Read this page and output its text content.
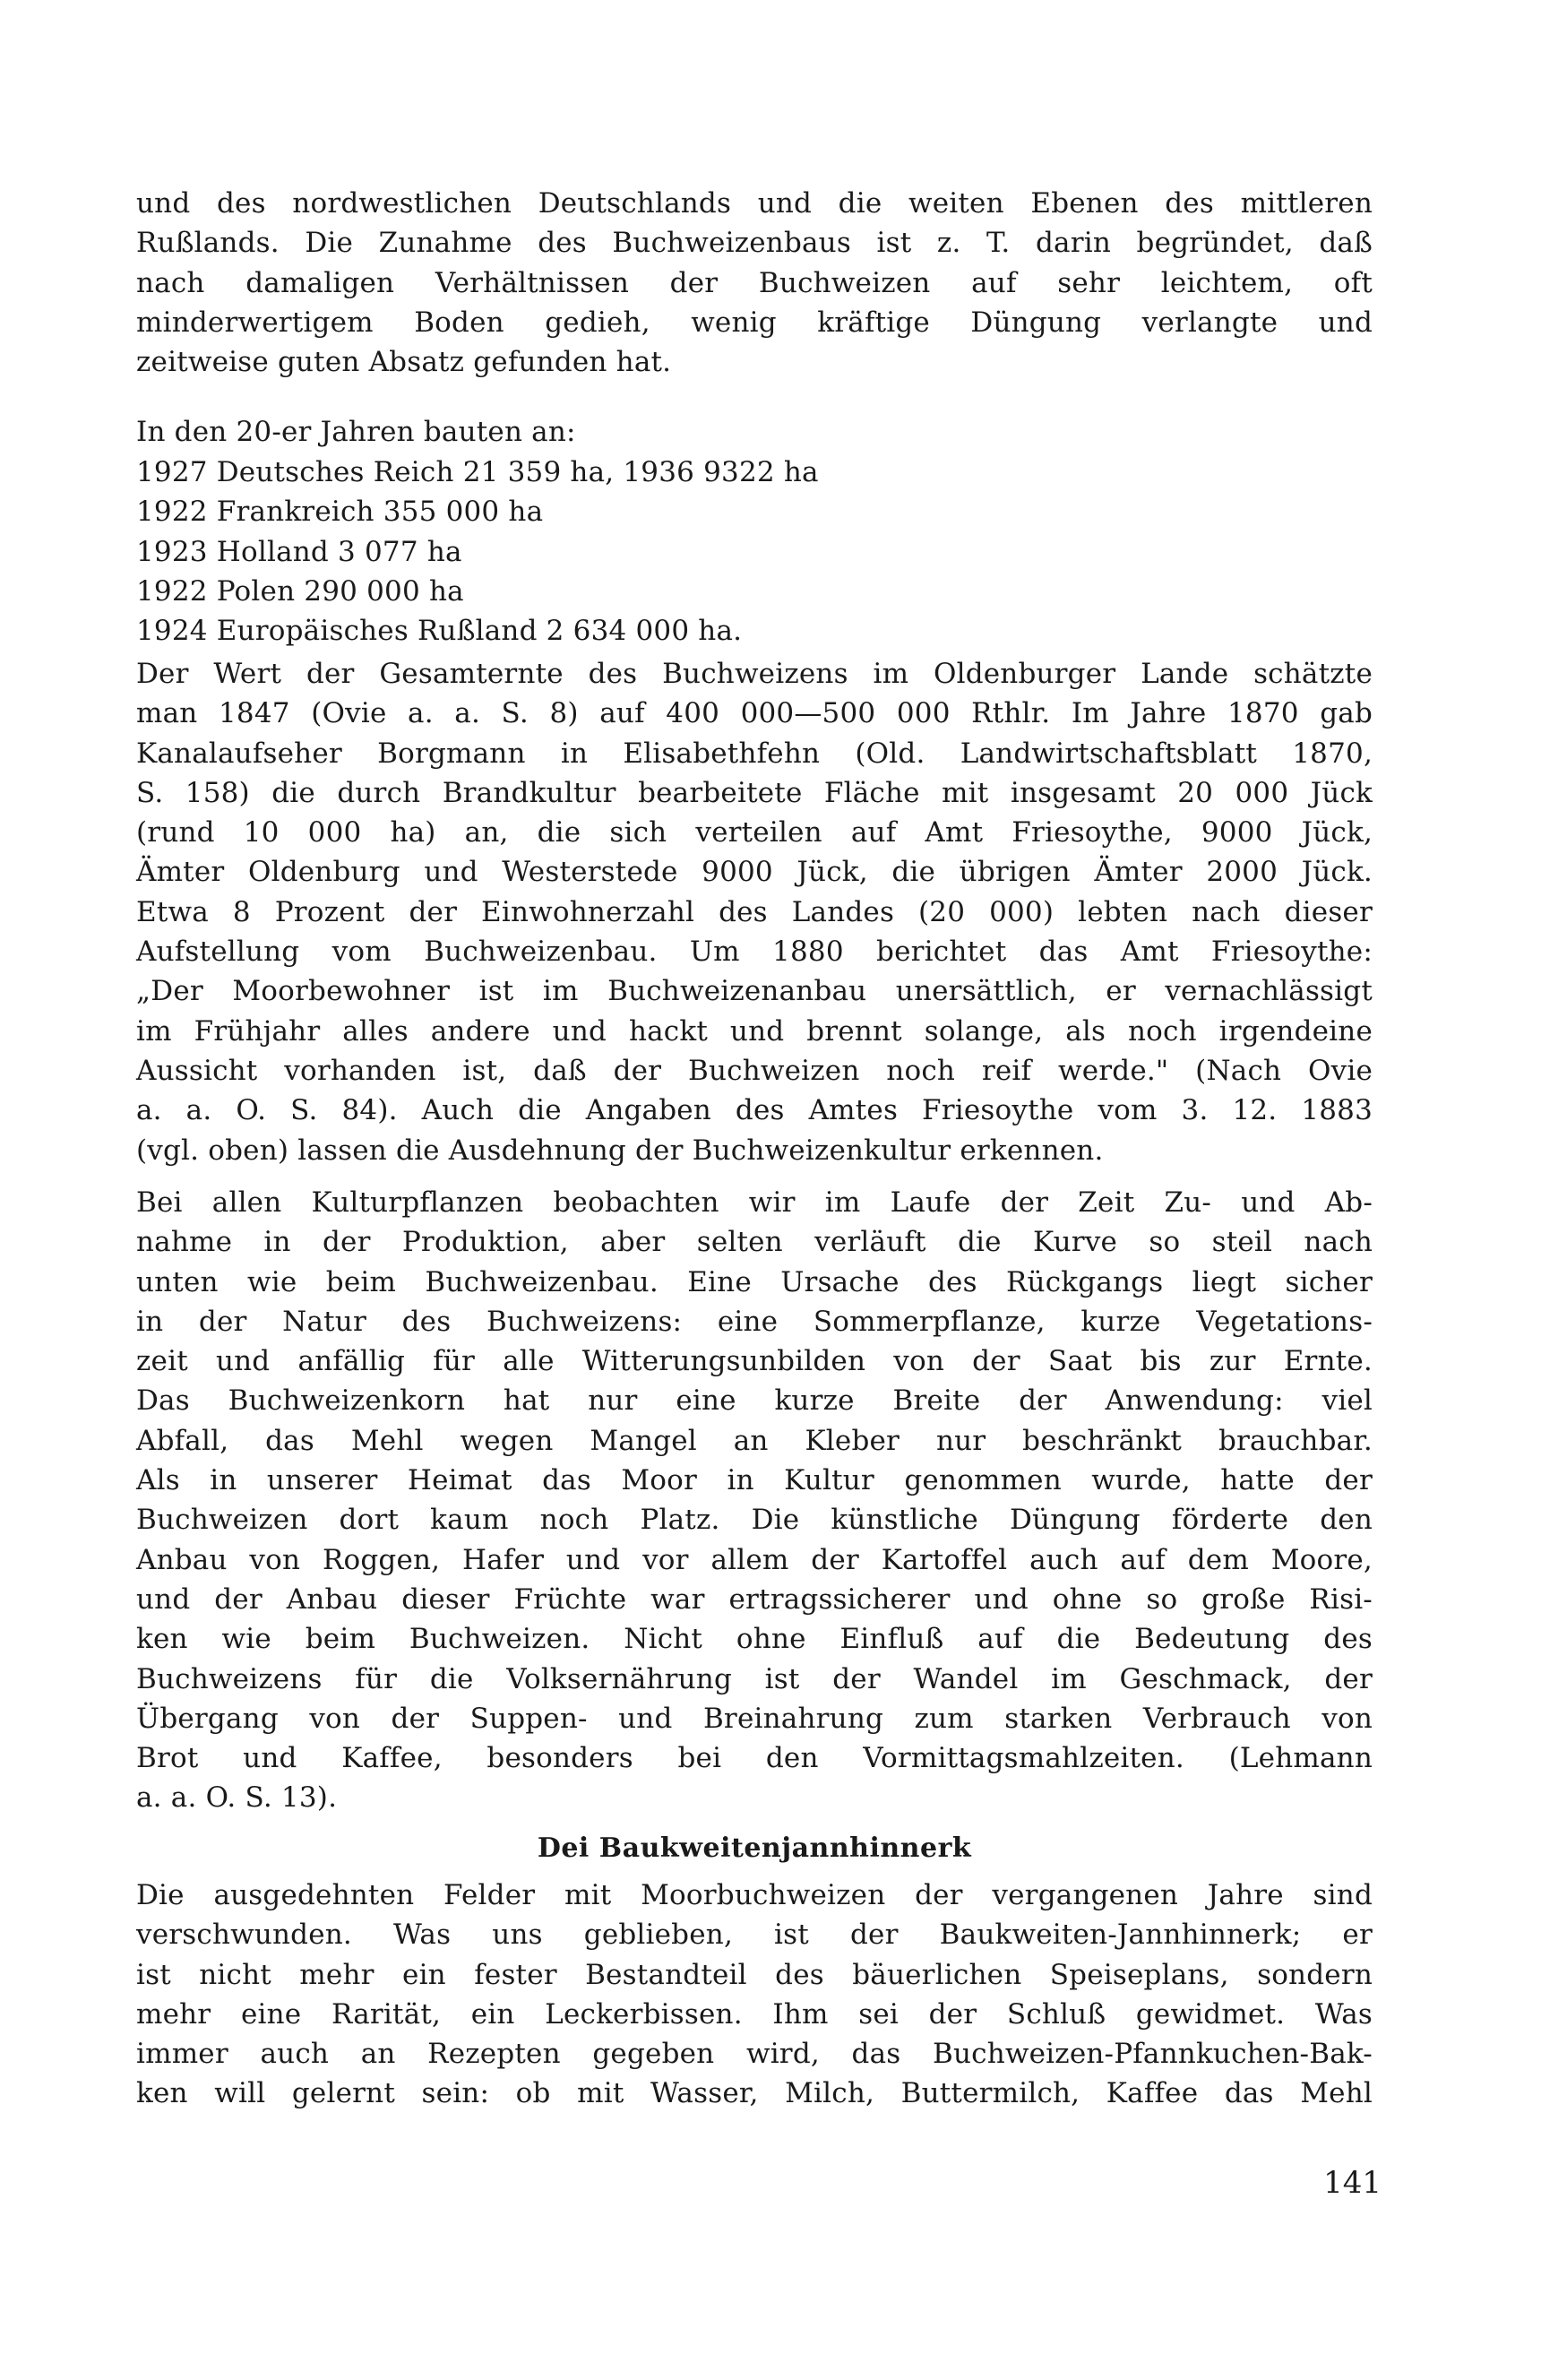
und des nordwestlichen Deutschlands und die weiten Ebenen des mittleren
Rußlands. Die Zunahme des Buchweizenbaus ist z. T. darin begründet, daß
nach damaligen Verhältnissen der Buchweizen auf sehr leichtem, oft
minderwertigem Boden gedieh, wenig kräftige Düngung verlangte und
zeitweise guten Absatz gefunden hat.
In den 20-er Jahren bauten an:
1927 Deutsches Reich 21 359 ha, 1936 9322 ha
1922 Frankreich 355 000 ha
1923 Holland 3 077 ha
1922 Polen 290 000 ha
1924 Europäisches Rußland 2 634 000 ha.
Der Wert der Gesamternte des Buchweizens im Oldenburger Lande schätzte
man 1847 (Ovie a. a. S. 8) auf 400 000—500 000 Rthlr. Im Jahre 1870 gab
Kanalaufseher Borgmann in Elisabethfehn (Old. Landwirtschaftsblatt 1870,
S. 158) die durch Brandkultur bearbeitete Fläche mit insgesamt 20 000 Jück
(rund 10 000 ha) an, die sich verteilen auf Amt Friesoythe, 9000 Jück,
Ämter Oldenburg und Westerstede 9000 Jück, die übrigen Ämter 2000 Jück.
Etwa 8 Prozent der Einwohnerzahl des Landes (20 000) lebten nach dieser
Aufstellung vom Buchweizenbau. Um 1880 berichtet das Amt Friesoythe:
„Der Moorbewohner ist im Buchweizenanbau unersättlich, er vernachlässigt
im Frühjahr alles andere und hackt und brennt solange, als noch irgendeine
Aussicht vorhanden ist, daß der Buchweizen noch reif werde." (Nach Ovie
a. a. O. S. 84). Auch die Angaben des Amtes Friesoythe vom 3. 12. 1883
(vgl. oben) lassen die Ausdehnung der Buchweizenkultur erkennen.
Bei allen Kulturpflanzen beobachten wir im Laufe der Zeit Zu- und Ab-
nahme in der Produktion, aber selten verläuft die Kurve so steil nach
unten wie beim Buchweizenbau. Eine Ursache des Rückgangs liegt sicher
in der Natur des Buchweizens: eine Sommerpflanze, kurze Vegetations-
zeit und anfällig für alle Witterungsunbilden von der Saat bis zur Ernte.
Das Buchweizenkorn hat nur eine kurze Breite der Anwendung: viel
Abfall, das Mehl wegen Mangel an Kleber nur beschränkt brauchbar.
Als in unserer Heimat das Moor in Kultur genommen wurde, hatte der
Buchweizen dort kaum noch Platz. Die künstliche Düngung förderte den
Anbau von Roggen, Hafer und vor allem der Kartoffel auch auf dem Moore,
und der Anbau dieser Früchte war ertragssicherer und ohne so große Risi-
ken wie beim Buchweizen. Nicht ohne Einfluß auf die Bedeutung des
Buchweizens für die Volksernährung ist der Wandel im Geschmack, der
Übergang von der Suppen- und Breinahrung zum starken Verbrauch von
Brot und Kaffee, besonders bei den Vormittagsmahlzeiten. (Lehmann
a. a. O. S. 13).
Dei Baukweitenjannhinnerk
Die ausgedehnten Felder mit Moorbuchweizen der vergangenen Jahre sind
verschwunden. Was uns geblieben, ist der Baukweiten-Jannhinnerk; er
ist nicht mehr ein fester Bestandteil des bäuerlichen Speiseplans, sondern
mehr eine Rarität, ein Leckerbissen. Ihm sei der Schluß gewidmet. Was
immer auch an Rezepten gegeben wird, das Buchweizen-Pfannkuchen-Bak-
ken will gelernt sein: ob mit Wasser, Milch, Buttermilch, Kaffee das Mehl
141
